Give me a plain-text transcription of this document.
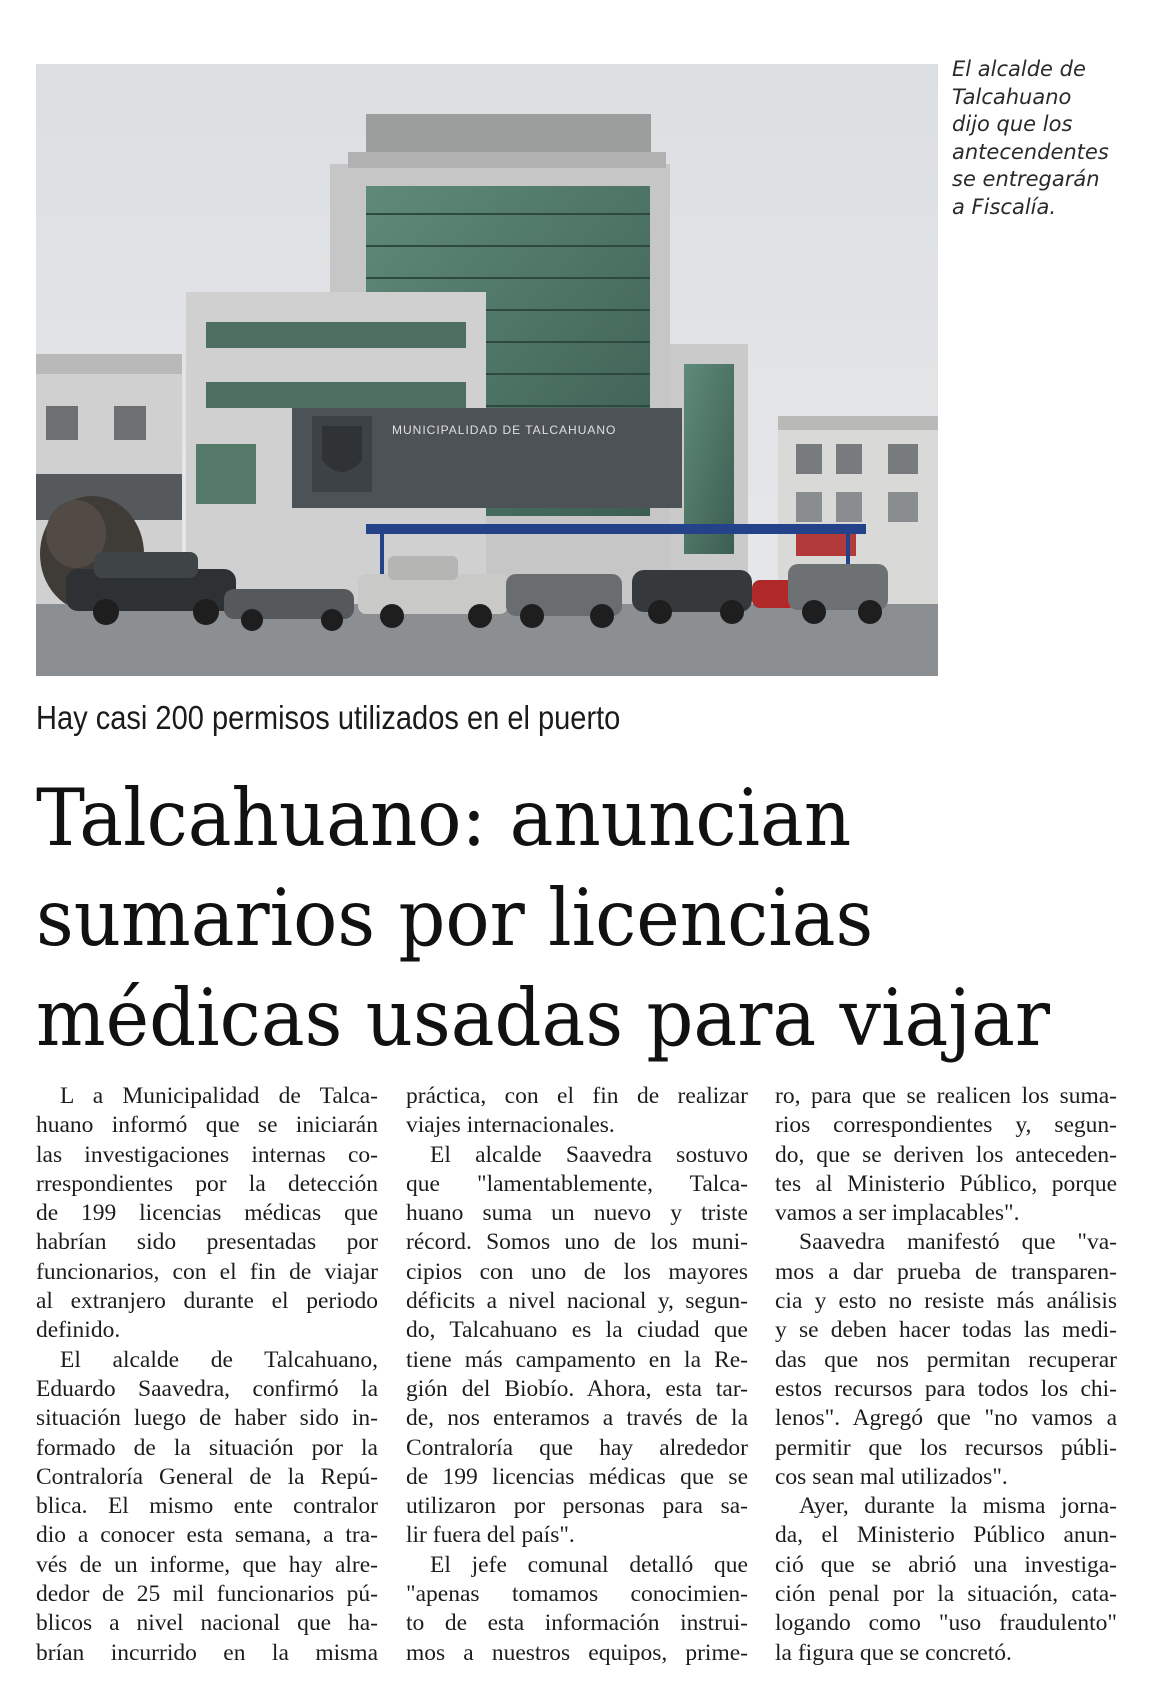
MUNICIPALIDAD DE TALCAHUANO
El alcalde de
Talcahuano
dijo que los
antecendentes
se entregarán
a Fiscalía.
Hay casi 200 permisos utilizados en el puerto
Talcahuano: anuncian
sumarios por licencias
médicas usadas para viajar
L a Municipalidad de Talca-
huano informó que se iniciarán
las investigaciones internas co-
rrespondientes por la detección
de 199 licencias médicas que
habrían sido presentadas por
funcionarios, con el fin de viajar
al extranjero durante el periodo
definido.
El alcalde de Talcahuano,
Eduardo Saavedra, confirmó la
situación luego de haber sido in-
formado de la situación por la
Contraloría General de la Repú-
blica. El mismo ente contralor
dio a conocer esta semana, a tra-
vés de un informe, que hay alre-
dedor de 25 mil funcionarios pú-
blicos a nivel nacional que ha-
brían incurrido en la misma
práctica, con el fin de realizar
viajes internacionales.
El alcalde Saavedra sostuvo
que "lamentablemente, Talca-
huano suma un nuevo y triste
récord. Somos uno de los muni-
cipios con uno de los mayores
déficits a nivel nacional y, segun-
do, Talcahuano es la ciudad que
tiene más campamento en la Re-
gión del Biobío. Ahora, esta tar-
de, nos enteramos a través de la
Contraloría que hay alrededor
de 199 licencias médicas que se
utilizaron por personas para sa-
lir fuera del país".
El jefe comunal detalló que
"apenas tomamos conocimien-
to de esta información instrui-
mos a nuestros equipos, prime-
ro, para que se realicen los suma-
rios correspondientes y, segun-
do, que se deriven los anteceden-
tes al Ministerio Público, porque
vamos a ser implacables".
Saavedra manifestó que "va-
mos a dar prueba de transparen-
cia y esto no resiste más análisis
y se deben hacer todas las medi-
das que nos permitan recuperar
estos recursos para todos los chi-
lenos". Agregó que "no vamos a
permitir que los recursos públi-
cos sean mal utilizados".
Ayer, durante la misma jorna-
da, el Ministerio Público anun-
ció que se abrió una investiga-
ción penal por la situación, cata-
logando como "uso fraudulento"
la figura que se concretó.
